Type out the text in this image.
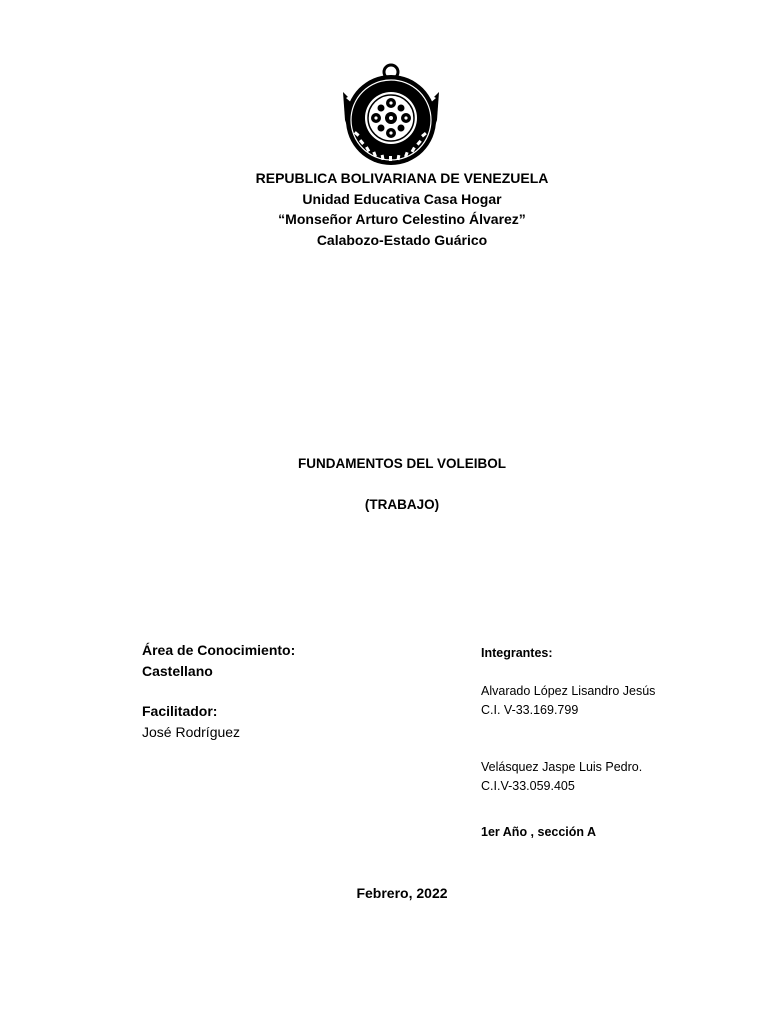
REPUBLICA BOLIVARIANA DE VENEZUELA
Unidad Educativa Casa Hogar
“Monseñor Arturo Celestino Álvarez”
Calabozo-Estado Guárico
FUNDAMENTOS DEL VOLEIBOL
(TRABAJO)
Área de Conocimiento:
Castellano
Facilitador:
José Rodríguez
Integrantes:
Alvarado López Lisandro Jesús
C.I. V-33.169.799
Velásquez Jaspe Luis Pedro.
C.I.V-33.059.405
1er Año , sección A
Febrero, 2022
